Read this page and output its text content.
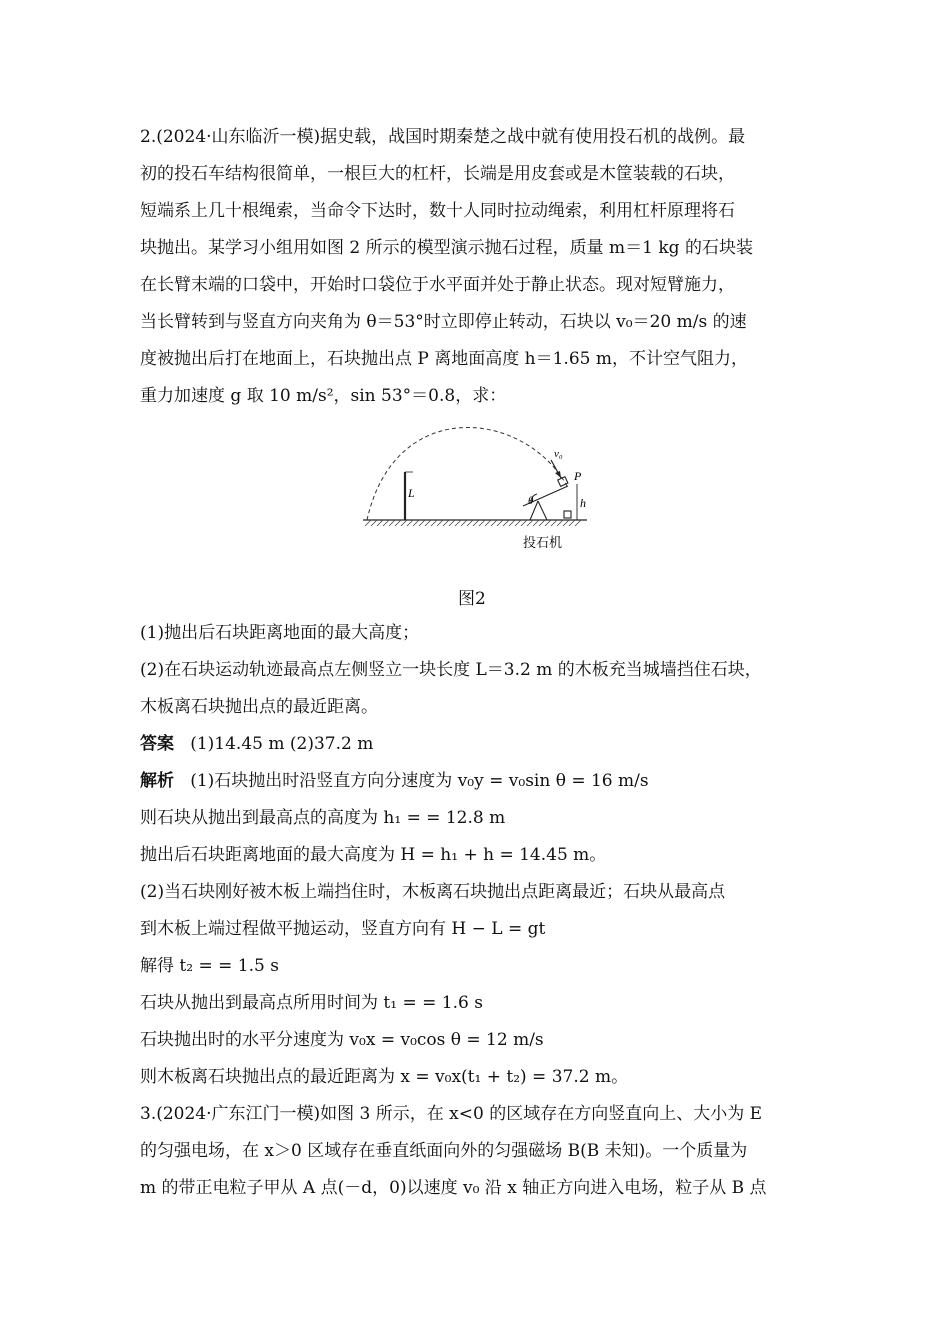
2.(2024·山东临沂一模)据史载，战国时期秦楚之战中就有使用投石机的战例。最
初的投石车结构很简单，一根巨大的杠杆，长端是用皮套或是木筐装载的石块，
短端系上几十根绳索，当命令下达时，数十人同时拉动绳索，利用杠杆原理将石
块抛出。某学习小组用如图 2 所示的模型演示抛石过程，质量 m＝1 kg 的石块装
在长臂末端的口袋中，开始时口袋位于水平面并处于静止状态。现对短臂施力，
当长臂转到与竖直方向夹角为 θ＝53°时立即停止转动，石块以 v₀＝20 m/s 的速
度被抛出后打在地面上，石块抛出点 P 离地面高度 h＝1.65 m，不计空气阻力，
重力加速度 g 取 10 m/s²，sin 53°＝0.8，求：
L
v₀
P
h
θ
投石机
图2
(1)抛出后石块距离地面的最大高度；
(2)在石块运动轨迹最高点左侧竖立一块长度 L＝3.2 m 的木板充当城墙挡住石块，
木板离石块抛出点的最近距离。
答案 (1)14.45 m (2)37.2 m
解析 (1)石块抛出时沿竖直方向分速度为 v₀y = v₀sin θ = 16 m/s
则石块从抛出到最高点的高度为 h₁ = = 12.8 m
抛出后石块距离地面的最大高度为 H = h₁ + h = 14.45 m。
(2)当石块刚好被木板上端挡住时，木板离石块抛出点距离最近；石块从最高点
到木板上端过程做平抛运动，竖直方向有 H − L = gt
解得 t₂ = = 1.5 s
石块从抛出到最高点所用时间为 t₁ = = 1.6 s
石块抛出时的水平分速度为 v₀x = v₀cos θ = 12 m/s
则木板离石块抛出点的最近距离为 x = v₀x(t₁ + t₂) = 37.2 m。
3.(2024·广东江门一模)如图 3 所示，在 x<0 的区域存在方向竖直向上、大小为 E
的匀强电场，在 x＞0 区域存在垂直纸面向外的匀强磁场 B(B 未知)。一个质量为
m 的带正电粒子甲从 A 点(－d，0)以速度 v₀ 沿 x 轴正方向进入电场，粒子从 B 点
